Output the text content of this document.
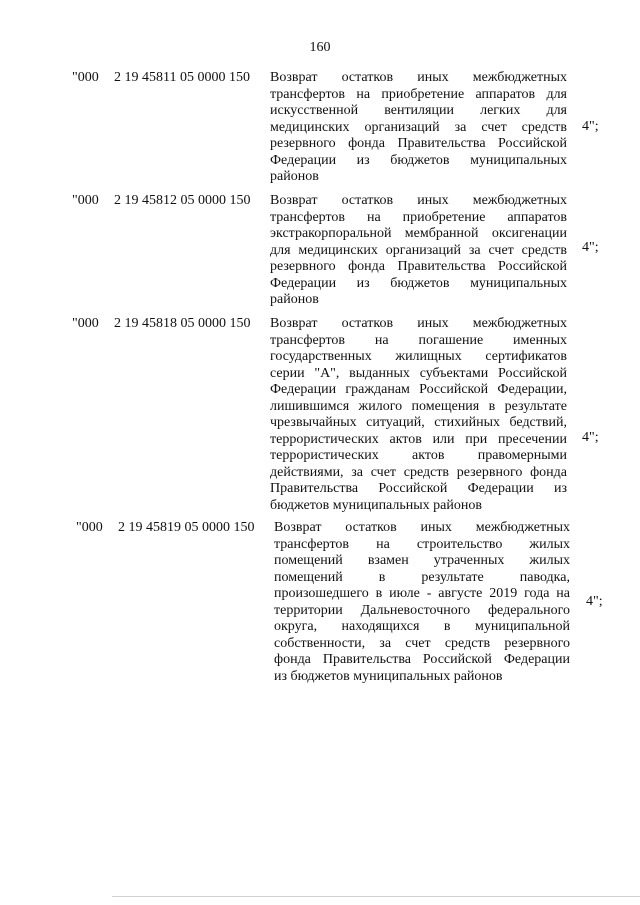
160
"000 2 19 45811 05 0000 150 Возврат остатков иных межбюджетных
трансфертов на приобретение аппаратов для
искусственной вентиляции легких для
медицинских организаций за счет средств
резервного фонда Правительства Российской
Федерации из бюджетов муниципальных
районов
4";
"000 2 19 45812 05 0000 150 Возврат остатков иных межбюджетных
трансфертов на приобретение аппаратов
экстракорпоральной мембранной оксигенации
для медицинских организаций за счет средств
резервного фонда Правительства Российской
Федерации из бюджетов муниципальных
районов
4";
"000 2 19 45818 05 0000 150 Возврат остатков иных межбюджетных
трансфертов на погашение именных
государственных жилищных сертификатов
серии "А", выданных субъектами Российской
Федерации гражданам Российской Федерации,
лишившимся жилого помещения в результате
чрезвычайных ситуаций, стихийных бедствий,
террористических актов или при пресечении
террористических актов правомерными
действиями, за счет средств резервного фонда
Правительства Российской Федерации из
бюджетов муниципальных районов
4";
"000 2 19 45819 05 0000 150 Возврат остатков иных межбюджетных
трансфертов на строительство жилых
помещений взамен утраченных жилых
помещений в результате паводка,
произошедшего в июле - августе 2019 года на
территории Дальневосточного федерального
округа, находящихся в муниципальной
собственности, за счет средств резервного
фонда Правительства Российской Федерации
из бюджетов муниципальных районов
4";
